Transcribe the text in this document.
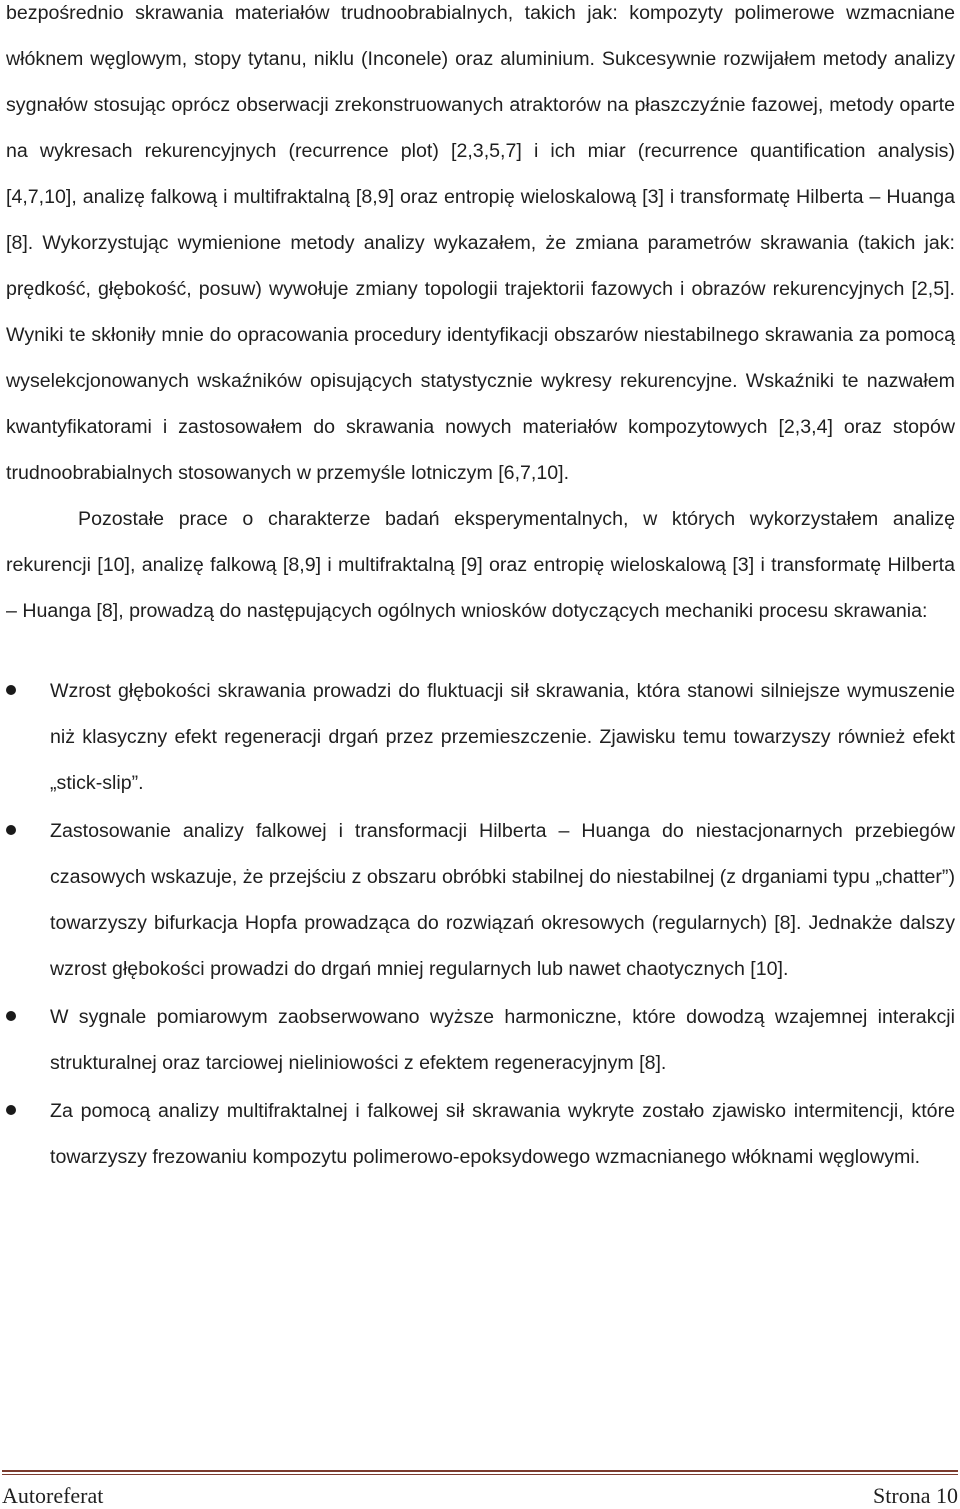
bezpośrednio skrawania materiałów trudnoobrabialnych, takich jak: kompozyty polimerowe wzmacniane włóknem węglowym, stopy tytanu, niklu (Inconele) oraz aluminium. Sukcesywnie rozwijałem metody analizy sygnałów stosując oprócz obserwacji zrekonstruowanych atraktorów na płaszczyźnie fazowej, metody oparte na wykresach rekurencyjnych (recurrence plot) [2,3,5,7] i ich miar (recurrence quantification analysis) [4,7,10], analizę falkową i multifraktalną [8,9] oraz entropię wieloskalową [3] i transformatę Hilberta – Huanga [8]. Wykorzystując wymienione metody analizy wykazałem, że zmiana parametrów skrawania (takich jak: prędkość, głębokość, posuw) wywołuje zmiany topologii trajektorii fazowych i obrazów rekurencyjnych [2,5]. Wyniki te skłoniły mnie do opracowania procedury identyfikacji obszarów niestabilnego skrawania za pomocą wyselekcjonowanych wskaźników opisujących statystycznie wykresy rekurencyjne. Wskaźniki te nazwałem kwantyfikatorami i zastosowałem do skrawania nowych materiałów kompozytowych [2,3,4] oraz stopów trudnoobrabialnych stosowanych w przemyśle lotniczym [6,7,10].

Pozostałe prace o charakterze badań eksperymentalnych, w których wykorzystałem analizę rekurencji [10], analizę falkową [8,9] i multifraktalną [9] oraz entropię wieloskalową [3] i transformatę Hilberta – Huanga [8], prowadzą do następujących ogólnych wniosków dotyczących mechaniki procesu skrawania:

Wzrost głębokości skrawania prowadzi do fluktuacji sił skrawania, która stanowi silniejsze wymuszenie niż klasyczny efekt regeneracji drgań przez przemieszczenie. Zjawisku temu towarzyszy również efekt „stick-slip”.

Zastosowanie analizy falkowej i transformacji Hilberta – Huanga do niestacjonarnych przebiegów czasowych wskazuje, że przejściu z obszaru obróbki stabilnej do niestabilnej (z drganiami typu „chatter”) towarzyszy bifurkacja Hopfa prowadząca do rozwiązań okresowych (regularnych) [8]. Jednakże dalszy wzrost głębokości prowadzi do drgań mniej regularnych lub nawet chaotycznych [10].

W sygnale pomiarowym zaobserwowano wyższe harmoniczne, które dowodzą wzajemnej interakcji strukturalnej oraz tarciowej nieliniowości z efektem regeneracyjnym [8].

Za pomocą analizy multifraktalnej i falkowej sił skrawania wykryte zostało zjawisko intermitencji, które towarzyszy frezowaniu kompozytu polimerowo-epoksydowego wzmacnianego włóknami węglowymi.

Autoreferat	Strona 10
